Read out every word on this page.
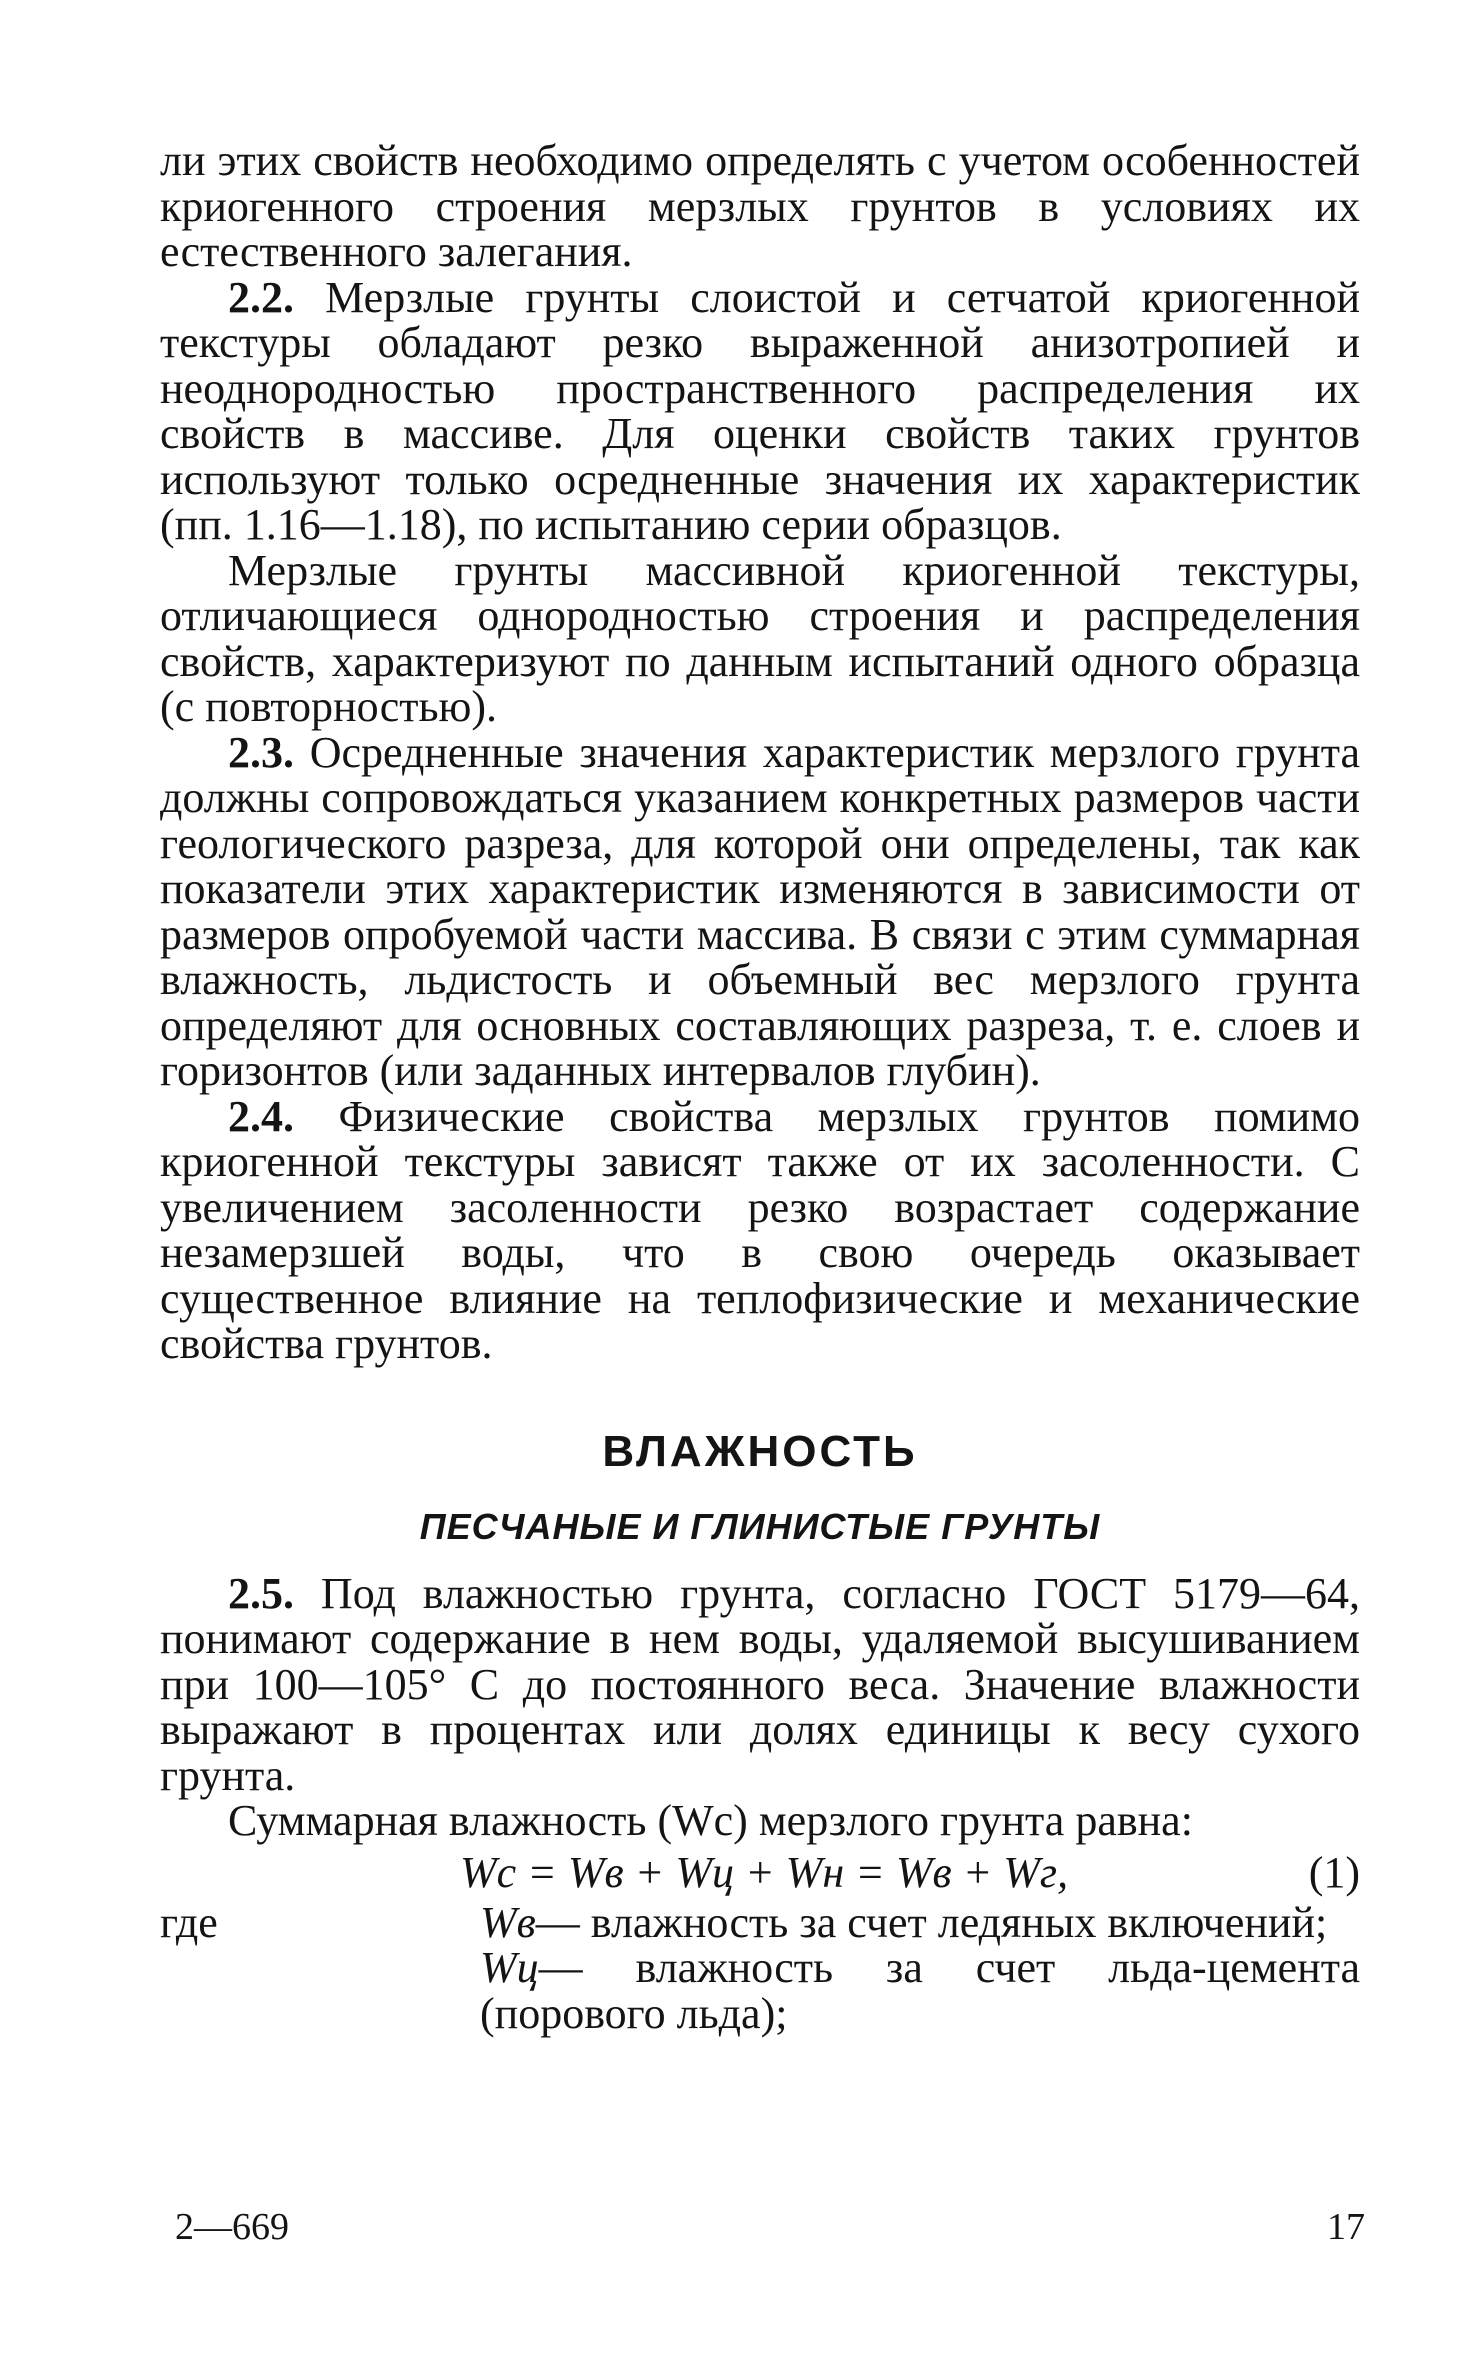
ли этих свойств необходимо определять с учетом особенностей криогенного строения мерзлых грунтов в условиях их естественного залегания.

2.2. Мерзлые грунты слоистой и сетчатой криогенной текстуры обладают резко выраженной анизотропией и неоднородностью пространственного распределения их свойств в массиве. Для оценки свойств таких грунтов используют только осредненные значения их характеристик (пп. 1.16—1.18), по испытанию серии образцов.

Мерзлые грунты массивной криогенной текстуры, отличающиеся однородностью строения и распределения свойств, характеризуют по данным испытаний одного образца (с повторностью).

2.3. Осредненные значения характеристик мерзлого грунта должны сопровождаться указанием конкретных размеров части геологического разреза, для которой они определены, так как показатели этих характеристик изменяются в зависимости от размеров опробуемой части массива. В связи с этим суммарная влажность, льдистость и объемный вес мерзлого грунта определяют для основных составляющих разреза, т. е. слоев и горизонтов (или заданных интервалов глубин).

2.4. Физические свойства мерзлых грунтов помимо криогенной текстуры зависят также от их засоленности. С увеличением засоленности резко возрастает содержание незамерзшей воды, что в свою очередь оказывает существенное влияние на теплофизические и механические свойства грунтов.

ВЛАЖНОСТЬ
ПЕСЧАНЫЕ И ГЛИНИСТЫЕ ГРУНТЫ

2.5. Под влажностью грунта, согласно ГОСТ 5179—64, понимают содержание в нем воды, удаляемой высушиванием при 100—105° С до постоянного веса. Значение влажности выражают в процентах или долях единицы к весу сухого грунта.

Суммарная влажность (Wc) мерзлого грунта равна:

Wс = Wв + Wц + Wн = Wв + Wг,	(1)
где	Wв— влажность за счет ледяных включений;

Wц— влажность за счет льда-цемента (порового льда);

2—669	17
